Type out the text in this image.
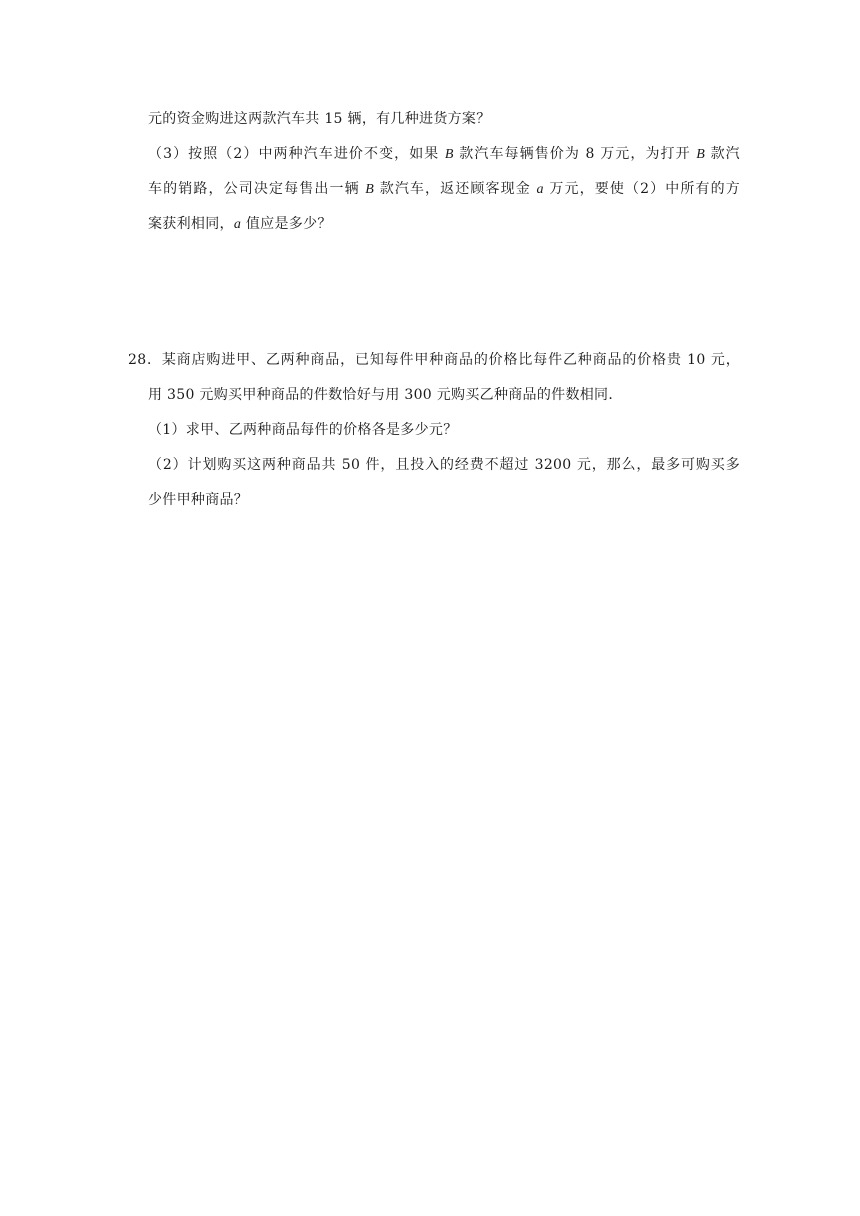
元的资金购进这两款汽车共 15 辆，有几种进货方案？
（3）按照（2）中两种汽车进价不变，如果 B 款汽车每辆售价为 8 万元，为打开 B 款汽
车的销路，公司决定每售出一辆 B 款汽车，返还顾客现金 a 万元，要使（2）中所有的方
案获利相同，a 值应是多少？
28．某商店购进甲、乙两种商品，已知每件甲种商品的价格比每件乙种商品的价格贵 10 元，
用 350 元购买甲种商品的件数恰好与用 300 元购买乙种商品的件数相同．
（1）求甲、乙两种商品每件的价格各是多少元？
（2）计划购买这两种商品共 50 件，且投入的经费不超过 3200 元，那么，最多可购买多
少件甲种商品？
